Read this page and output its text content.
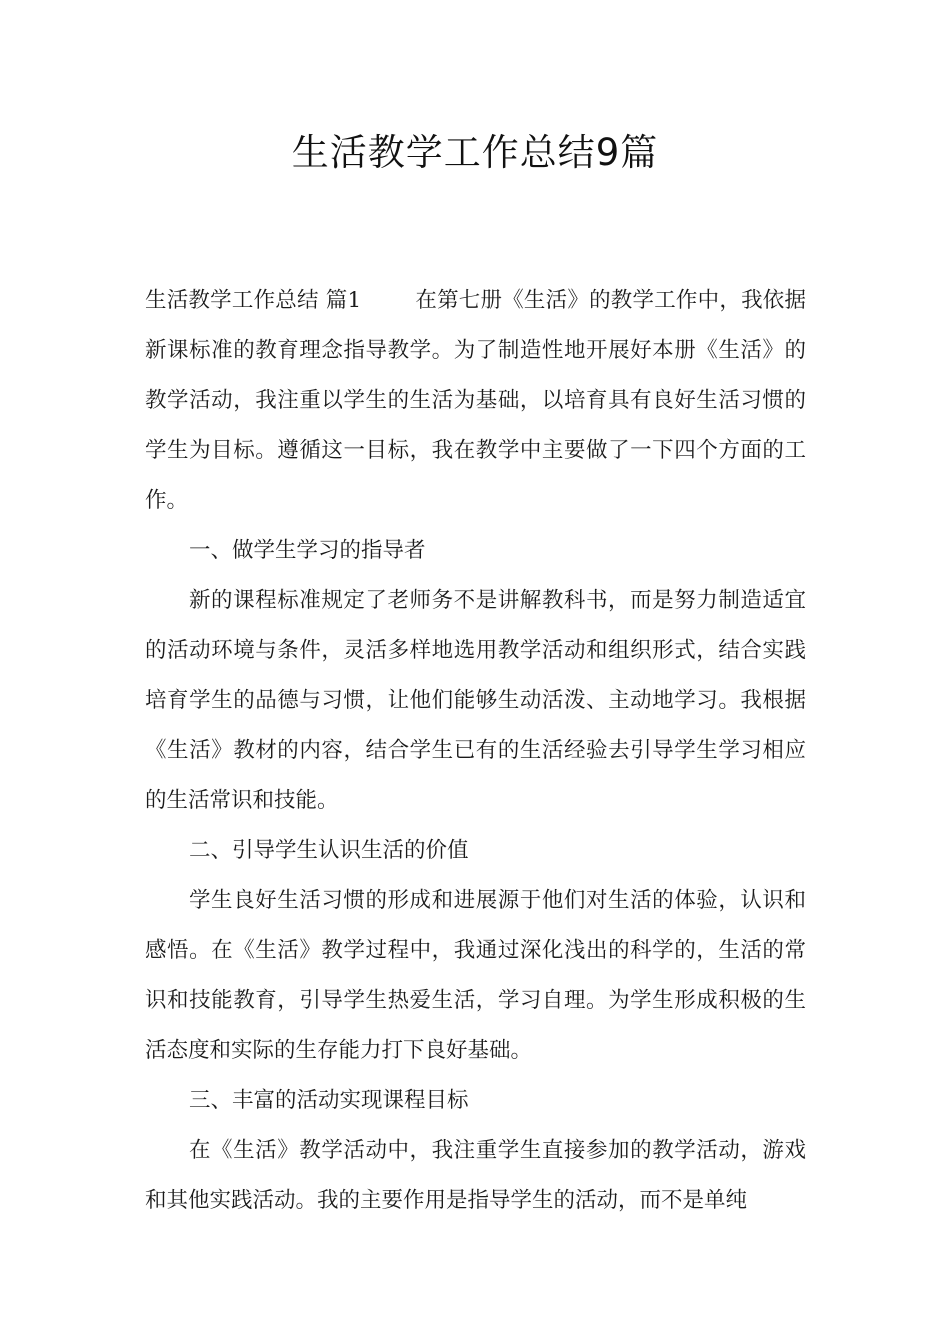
生活教学工作总结9篇

生活教学工作总结 篇1	在第七册《生活》的教学工作中，我依据新课标准的教育理念指导教学。为了制造性地开展好本册《生活》的教学活动，我注重以学生的生活为基础，以培育具有良好生活习惯的学生为目标。遵循这一目标，我在教学中主要做了一下四个方面的工作。

一、做学生学习的指导者

新的课程标准规定了老师务不是讲解教科书，而是努力制造适宜的活动环境与条件，灵活多样地选用教学活动和组织形式，结合实践培育学生的品德与习惯，让他们能够生动活泼、主动地学习。我根据《生活》教材的内容，结合学生已有的生活经验去引导学生学习相应的生活常识和技能。

二、引导学生认识生活的价值

学生良好生活习惯的形成和进展源于他们对生活的体验，认识和感悟。在《生活》教学过程中，我通过深化浅出的科学的，生活的常识和技能教育，引导学生热爱生活，学习自理。为学生形成积极的生活态度和实际的生存能力打下良好基础。

三、丰富的活动实现课程目标

在《生活》教学活动中，我注重学生直接参加的教学活动，游戏和其他实践活动。我的主要作用是指导学生的活动，而不是单纯
